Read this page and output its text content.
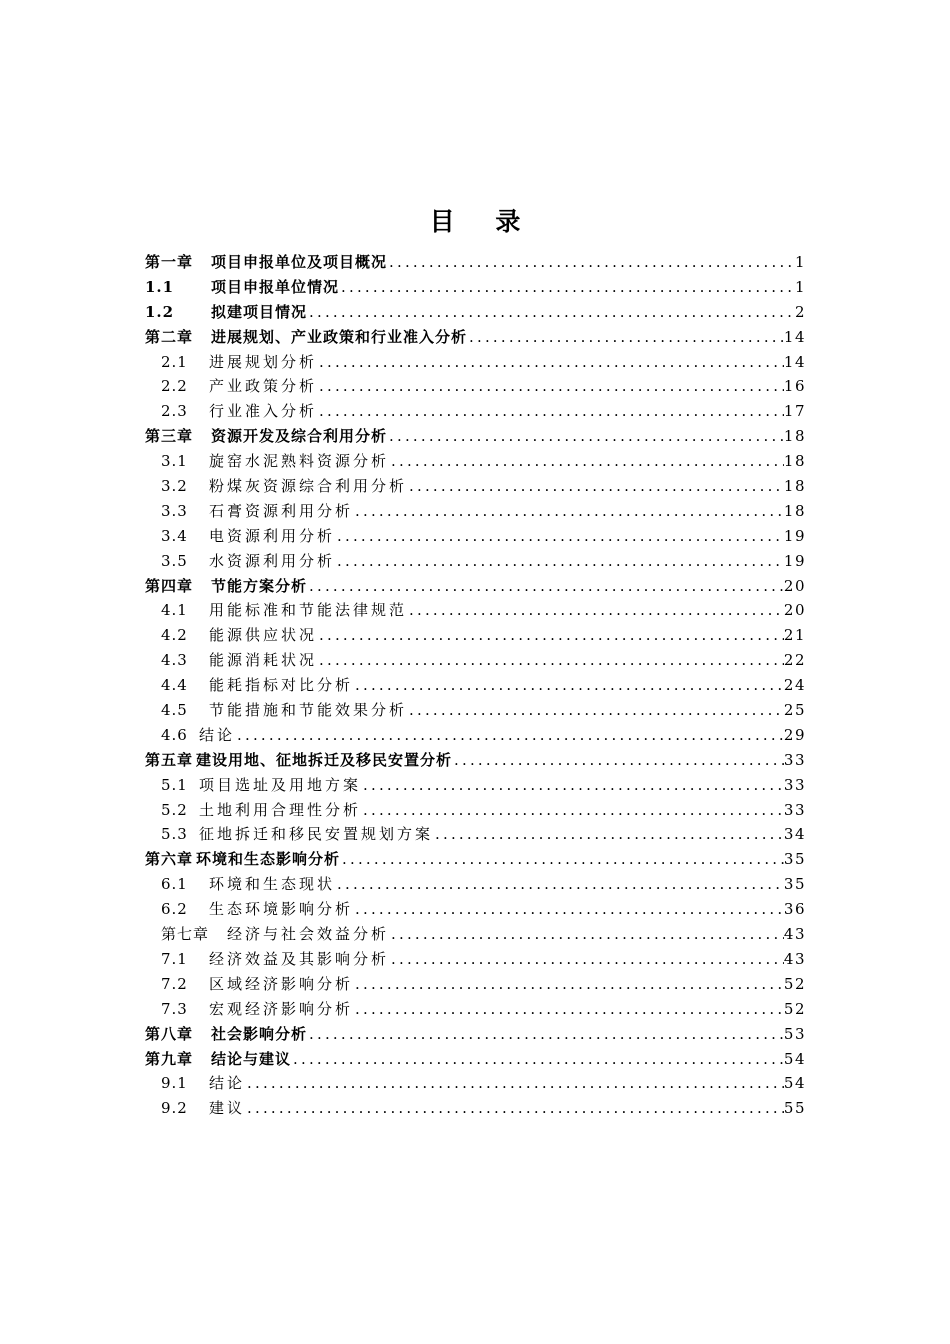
目 录
第一章	项目申报单位及项目概况 .....	1
1.1	项目申报单位情况 .....	1
1.2	拟建项目情况 .....	2
第二章	进展规划、产业政策和行业准入分析 .....	14
2.1	进展规划分析 .....	14
2.2	产业政策分析 .....	16
2.3	行业准入分析 .....	17
第三章	资源开发及综合利用分析 .....	18
3.1	旋窑水泥熟料资源分析 .....	18
3.2	粉煤灰资源综合利用分析 .....	18
3.3	石膏资源利用分析 .....	18
3.4	电资源利用分析 .....	19
3.5	水资源利用分析 .....	19
第四章	节能方案分析 .....	20
4.1	用能标准和节能法律规范 .....	20
4.2	能源供应状况 .....	21
4.3	能源消耗状况 .....	22
4.4	能耗指标对比分析 .....	24
4.5	节能措施和节能效果分析 .....	25
4.6 结论 .....	29
第五章 建设用地、征地拆迁及移民安置分析 .....	33
5.1 项目选址及用地方案 .....	33
5.2 土地利用合理性分析 .....	33
5.3 征地拆迁和移民安置规划方案 .....	34
第六章 环境和生态影响分析 .....	35
6.1	环境和生态现状 .....	35
6.2	生态环境影响分析 .....	36
第七章	经济与社会效益分析 .....	43
7.1	经济效益及其影响分析 .....	43
7.2	区域经济影响分析 .....	52
7.3	宏观经济影响分析 .....	52
第八章	社会影响分析 .....	53
第九章	结论与建议 .....	54
9.1	结论 .....	54
9.2	建议 .....	55
